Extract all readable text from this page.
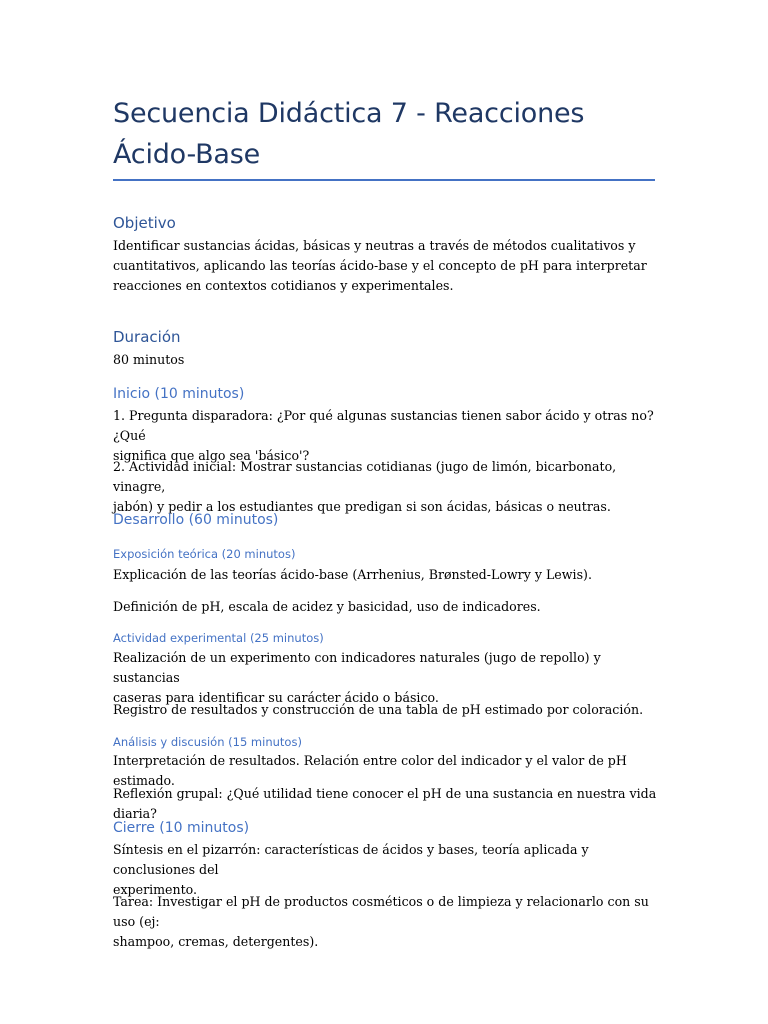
Secuencia Didáctica 7 - Reacciones
Ácido-Base
Objetivo

Identificar sustancias ácidas, básicas y neutras a través de métodos cualitativos y
cuantitativos, aplicando las teorías ácido-base y el concepto de pH para interpretar
reacciones en contextos cotidianos y experimentales.

Duración

80 minutos

Inicio (10 minutos)

1. Pregunta disparadora: ¿Por qué algunas sustancias tienen sabor ácido y otras no? ¿Qué
significa que algo sea 'básico'?

2. Actividad inicial: Mostrar sustancias cotidianas (jugo de limón, bicarbonato, vinagre,
jabón) y pedir a los estudiantes que predigan si son ácidas, básicas o neutras.

Desarrollo (60 minutos)
Exposición teórica (20 minutos)

Explicación de las teorías ácido-base (Arrhenius, Brønsted-Lowry y Lewis).

Definición de pH, escala de acidez y basicidad, uso de indicadores.

Actividad experimental (25 minutos)

Realización de un experimento con indicadores naturales (jugo de repollo) y sustancias
caseras para identificar su carácter ácido o básico.

Registro de resultados y construcción de una tabla de pH estimado por coloración.

Análisis y discusión (15 minutos)

Interpretación de resultados. Relación entre color del indicador y el valor de pH estimado.

Reflexión grupal: ¿Qué utilidad tiene conocer el pH de una sustancia en nuestra vida diaria?

Cierre (10 minutos)

Síntesis en el pizarrón: características de ácidos y bases, teoría aplicada y conclusiones del
experimento.

Tarea: Investigar el pH de productos cosméticos o de limpieza y relacionarlo con su uso (ej:
shampoo, cremas, detergentes).
